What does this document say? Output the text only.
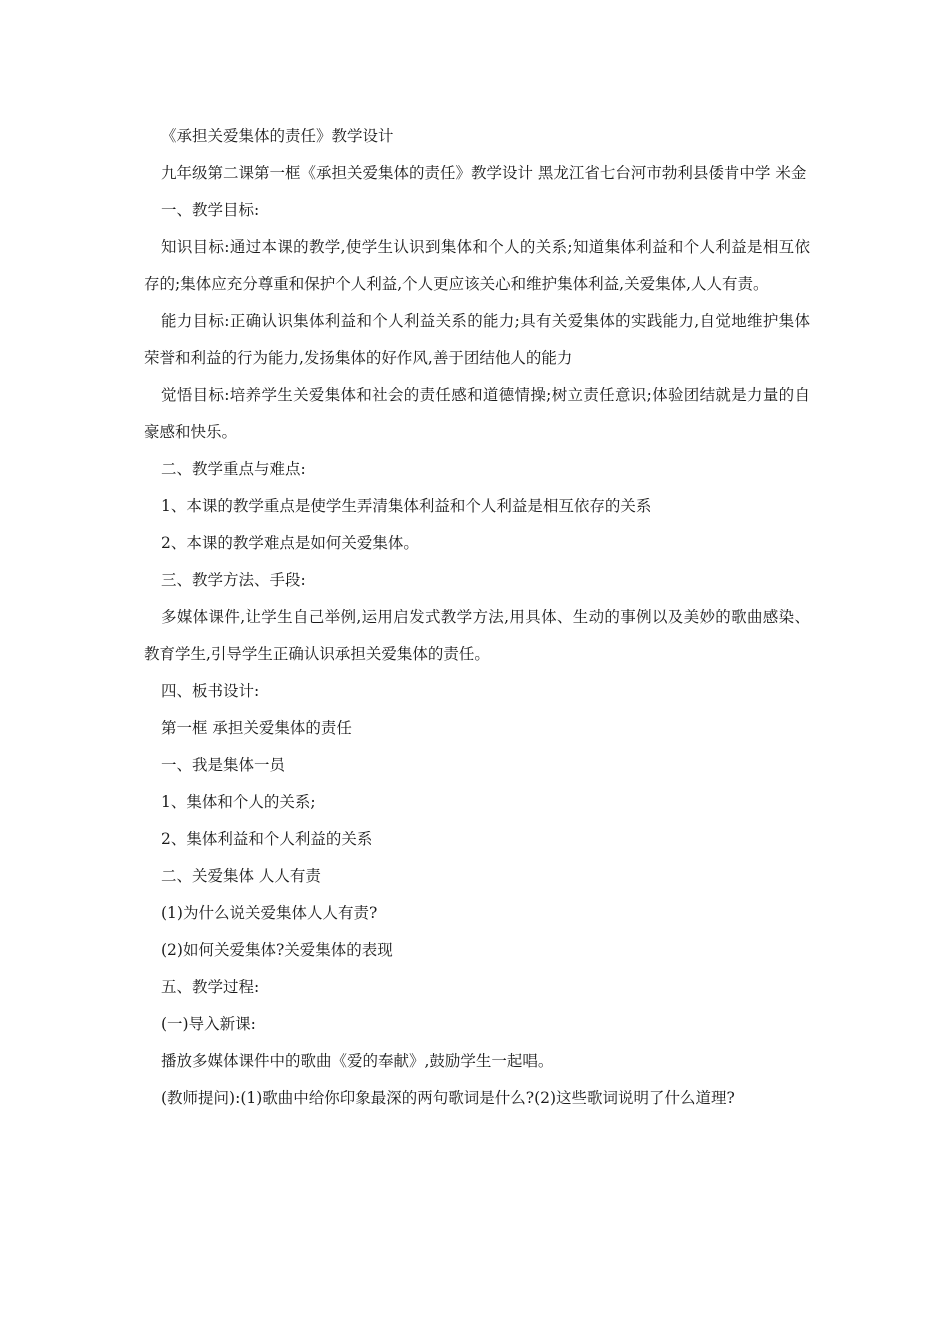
《承担关爱集体的责任》教学设计

九年级第二课第一框《承担关爱集体的责任》教学设计 黑龙江省七台河市勃利县倭肯中学 米金

一、教学目标:

知识目标:通过本课的教学,使学生认识到集体和个人的关系;知道集体利益和个人利益是相互依存的;集体应充分尊重和保护个人利益,个人更应该关心和维护集体利益,关爱集体,人人有责。

能力目标:正确认识集体利益和个人利益关系的能力;具有关爱集体的实践能力,自觉地维护集体荣誉和利益的行为能力,发扬集体的好作风,善于团结他人的能力

觉悟目标:培养学生关爱集体和社会的责任感和道德情操;树立责任意识;体验团结就是力量的自豪感和快乐。

二、教学重点与难点:
1、本课的教学重点是使学生弄清集体利益和个人利益是相互依存的关系
2、本课的教学难点是如何关爱集体。
三、教学方法、手段:

多媒体课件,让学生自己举例,运用启发式教学方法,用具体、生动的事例以及美妙的歌曲感染、教育学生,引导学生正确认识承担关爱集体的责任。

四、板书设计:
第一框 承担关爱集体的责任
一、我是集体一员
1、集体和个人的关系;
2、集体利益和个人利益的关系
二、关爱集体 人人有责
(1)为什么说关爱集体人人有责?
(2)如何关爱集体?关爱集体的表现
五、教学过程:
(一)导入新课:
播放多媒体课件中的歌曲《爱的奉献》,鼓励学生一起唱。
(教师提问):(1)歌曲中给你印象最深的两句歌词是什么?(2)这些歌词说明了什么道理?
